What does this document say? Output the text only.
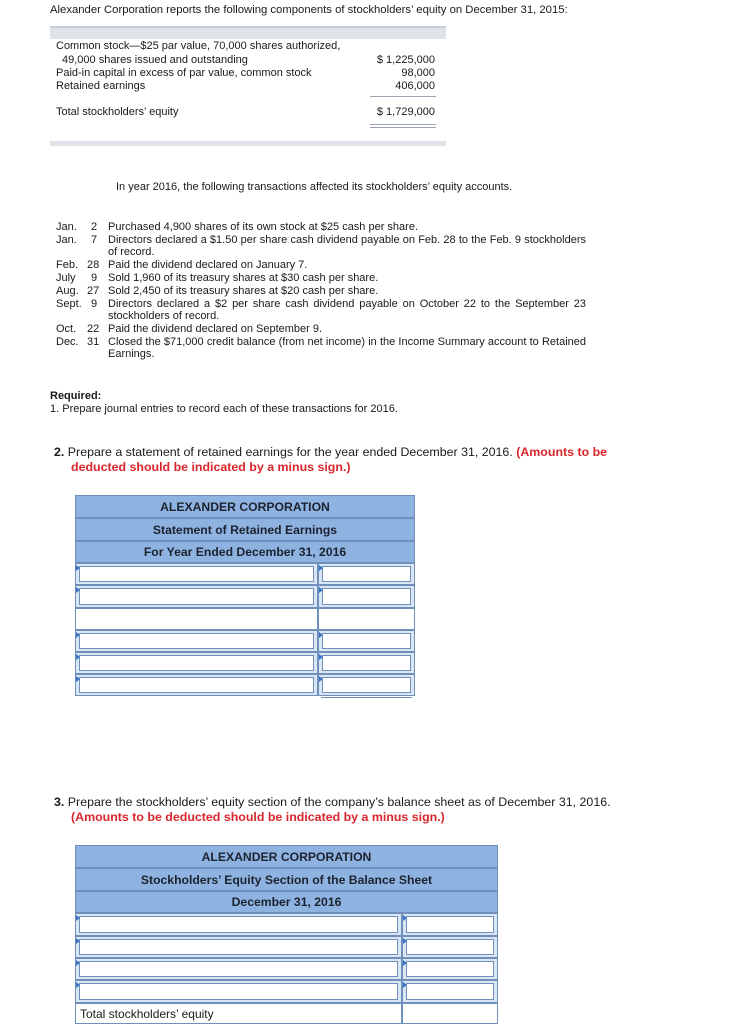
Alexander Corporation reports the following components of stockholders’ equity on December 31, 2015:
Common stock—$25 par value, 70,000 shares authorized,
49,000 shares issued and outstanding	$ 1,225,000
Paid-in capital in excess of par value, common stock	98,000
Retained earnings	406,000
Total stockholders’ equity	$ 1,729,000
In year 2016, the following transactions affected its stockholders’ equity accounts.
Jan. 2 Purchased 4,900 shares of its own stock at $25 cash per share.
Jan. 7 Directors declared a $1.50 per share cash dividend payable on Feb. 28 to the Feb. 9 stockholders of record.
Feb. 28 Paid the dividend declared on January 7.
July 9 Sold 1,960 of its treasury shares at $30 cash per share.
Aug. 27 Sold 2,450 of its treasury shares at $20 cash per share.
Sept. 9 Directors declared a $2 per share cash dividend payable on October 22 to the September 23 stockholders of record.
Oct. 22 Paid the dividend declared on September 9.
Dec. 31 Closed the $71,000 credit balance (from net income) in the Income Summary account to Retained Earnings.
Required:
1. Prepare journal entries to record each of these transactions for 2016.
2. Prepare a statement of retained earnings for the year ended December 31, 2016. (Amounts to be
deducted should be indicated by a minus sign.)
ALEXANDER CORPORATION
Statement of Retained Earnings
For Year Ended December 31, 2016
3. Prepare the stockholders’ equity section of the company’s balance sheet as of December 31, 2016.
(Amounts to be deducted should be indicated by a minus sign.)
ALEXANDER CORPORATION
Stockholders’ Equity Section of the Balance Sheet
December 31, 2016
Total stockholders’ equity
